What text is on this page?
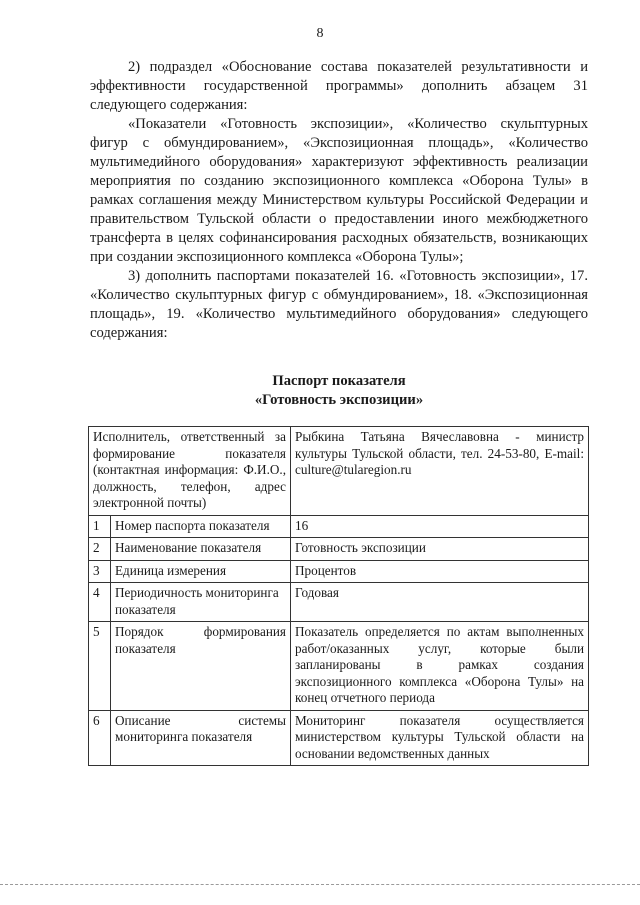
8

2) подраздел «Обоснование состава показателей результативности и эффективности государственной программы» дополнить абзацем 31 следующего содержания:

«Показатели «Готовность экспозиции», «Количество скульптурных фигур с обмундированием», «Экспозиционная площадь», «Количество мультимедийного оборудования» характеризуют эффективность реализации мероприятия по созданию экспозиционного комплекса «Оборона Тулы» в рамках соглашения между Министерством культуры Российской Федерации и правительством Тульской области о предоставлении иного межбюджетного трансферта в целях софинансирования расходных обязательств, возникающих при создании экспозиционного комплекса «Оборона Тулы»;

3) дополнить паспортами показателей 16. «Готовность экспозиции», 17. «Количество скульптурных фигур с обмундированием», 18. «Экспозиционная площадь», 19. «Количество мультимедийного оборудования» следующего содержания:

Паспорт показателя
«Готовность экспозиции»
Исполнитель, ответственный за формирование показателя (контактная информация: Ф.И.О., должность, телефон, адрес электронной почты)		Рыбкина Татьяна Вячеславовна - министр культуры Тульской области, тел. 24-53-80, E-mail: culture@tularegion.ru
1	Номер паспорта показателя	16
2	Наименование показателя	Готовность экспозиции
3	Единица измерения	Процентов
4	Периодичность мониторинга показателя	Годовая
5	Порядок формирования показателя	Показатель определяется по актам выполненных работ/оказанных услуг, которые были запланированы в рамках создания экспозиционного комплекса «Оборона Тулы» на конец отчетного периода
6	Описание системы мониторинга показателя	Мониторинг показателя осуществляется министерством культуры Тульской области на основании ведомственных данных
